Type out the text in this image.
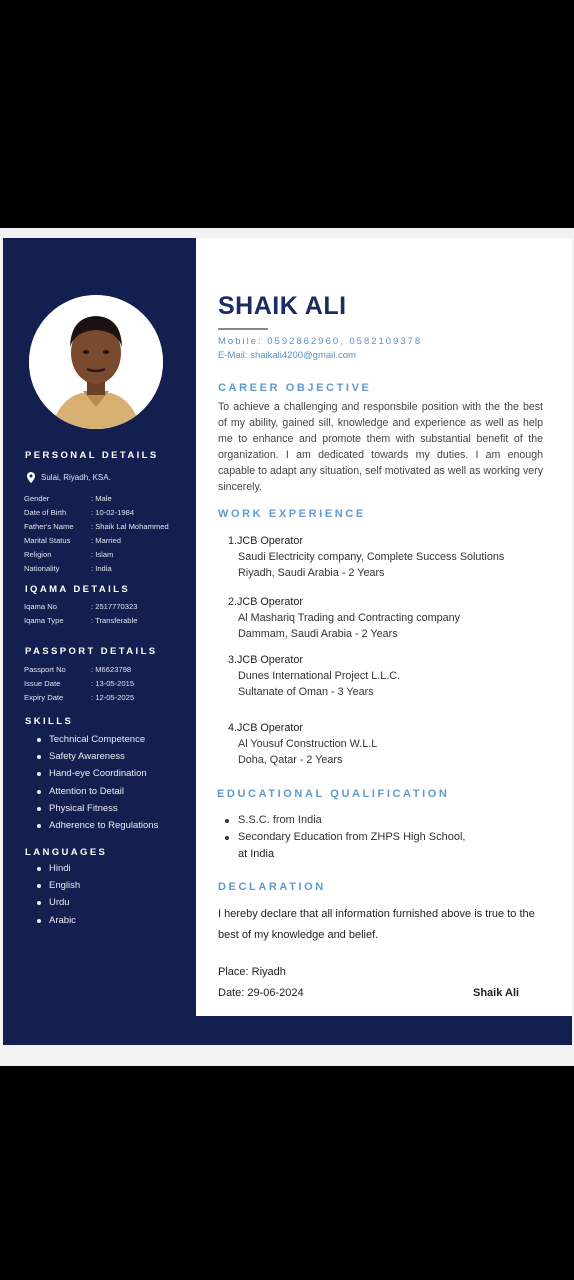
PERSONAL DETAILS
Sulai, Riyadh, KSA.
Gender	: Male
Date of Birth	: 10-02-1984
Father's Name	: Shaik Lal Mohammed
Marital Status	: Married
Religion	: Islam
Nationality	: India
IQAMA DETAILS
Iqama No	: 2517770323
Iqama Type	: Transferable
PASSPORT DETAILS
Passport No	: M6623798
Issue Date	: 13-05-2015
Expiry Date	: 12-05-2025
SKILLS
Technical Competence
Safety Awareness
Hand-eye Coordination
Attention to Detail
Physical Fitness
Adherence to Regulations
LANGUAGES
Hindi
English
Urdu
Arabic
SHAIK ALI
Mobile: 0592862960, 0582109378
E-Mail: shaikali4200@gmail.com
CAREER OBJECTIVE

To achieve a challenging and responsbile position with the the best of my ability, gained sill, knowledge and experience as well as help me to enhance and promote them with substantial benefit of the organization. I am dedicated towards my duties. I am enough capable to adapt any situation, self motivated as well as working very sincerely.

WORK EXPERIENCE
1.JCB Operator
Saudi Electricity company, Complete Success Solutions
Riyadh, Saudi Arabia - 2 Years
2.JCB Operator
Al Mashariq Trading and Contracting company
Dammam, Saudi Arabia - 2 Years
3.JCB Operator
Dunes International Project L.L.C.
Sultanate of Oman - 3 Years
4.JCB Operator
Al Yousuf Construction W.L.L
Doha, Qatar - 2 Years
EDUCATIONAL QUALIFICATION
S.S.C. from India
Secondary Education from ZHPS High School,
at India
DECLARATION

I hereby declare that all information furnished above is true to the best of my knowledge and belief.

Place: Riyadh
Date: 29-06-2024	Shaik Ali
